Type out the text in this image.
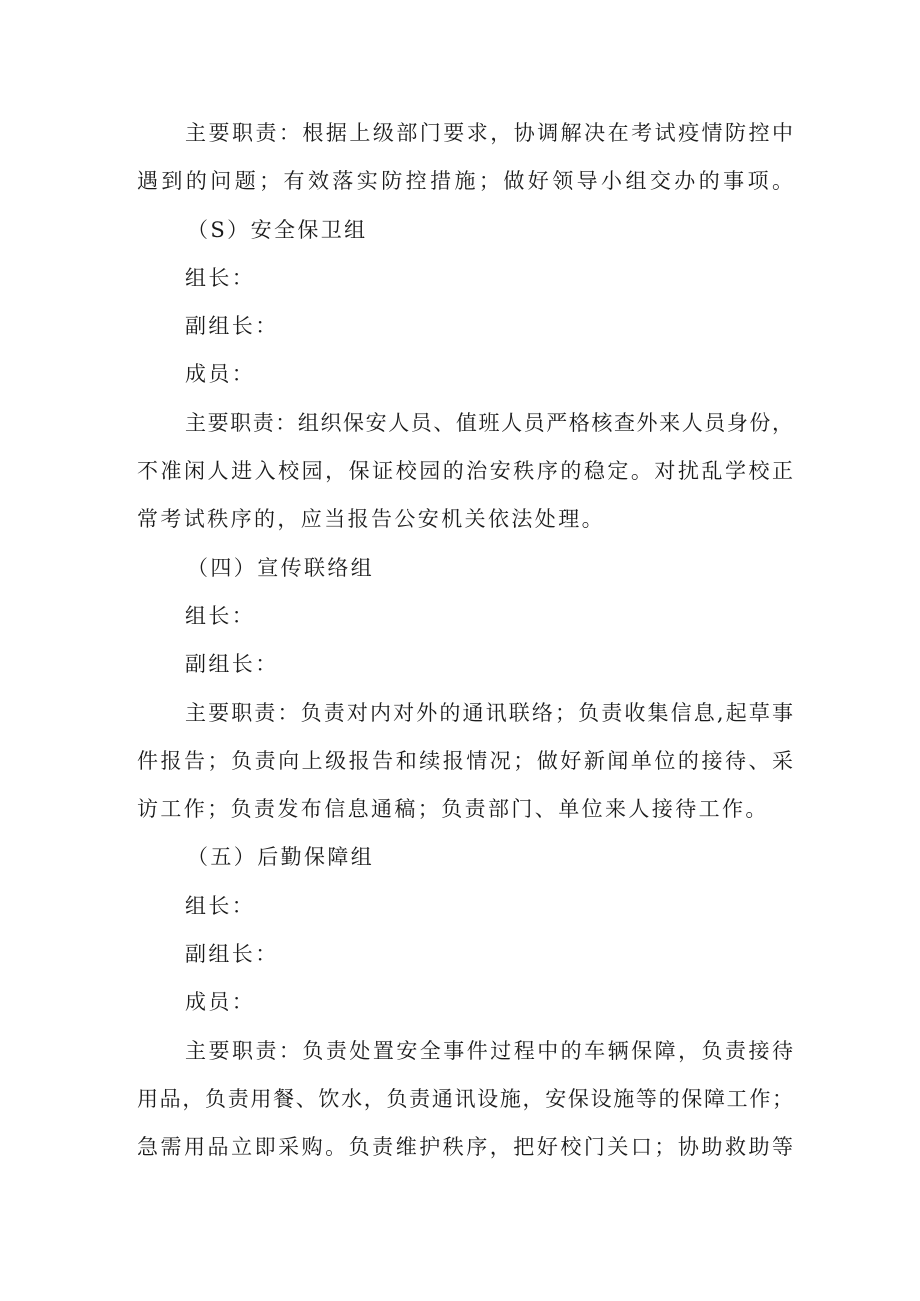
主要职责：根据上级部门要求，协调解决在考试疫情防控中
遇到的问题；有效落实防控措施；做好领导小组交办的事项。
（S）安全保卫组
组长：
副组长：
成员：
主要职责：组织保安人员、值班人员严格核查外来人员身份，
不准闲人进入校园，保证校园的治安秩序的稳定。对扰乱学校正
常考试秩序的，应当报告公安机关依法处理。
（四）宣传联络组
组长：
副组长：
主要职责：负责对内对外的通讯联络；负责收集信息,起草事
件报告；负责向上级报告和续报情况；做好新闻单位的接待、采
访工作；负责发布信息通稿；负责部门、单位来人接待工作。
（五）后勤保障组
组长：
副组长：
成员：
主要职责：负责处置安全事件过程中的车辆保障，负责接待
用品，负责用餐、饮水，负责通讯设施，安保设施等的保障工作；
急需用品立即采购。负责维护秩序，把好校门关口；协助救助等
